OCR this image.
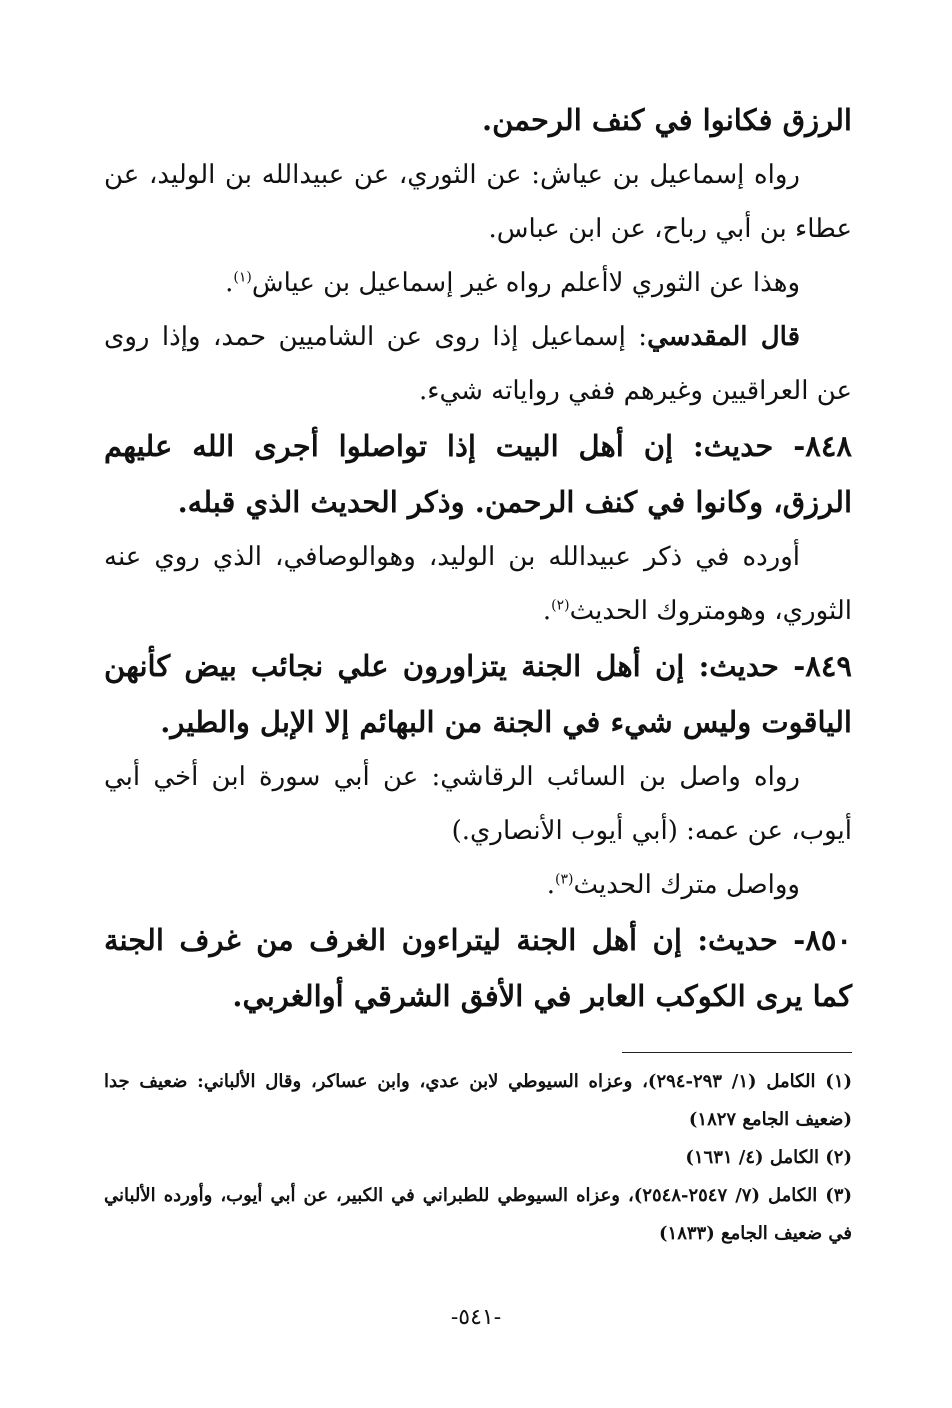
الرزق فكانوا في كنف الرحمن.

رواه إسماعيل بن عياش: عن الثوري، عن عبيدالله بن الوليد، عن عطاء بن أبي رباح، عن ابن عباس.

وهذا عن الثوري لاأعلم رواه غير إسماعيل بن عياش$^{(١)}$.

قال المقدسي: إسماعيل إذا روى عن الشاميين حمد، وإذا روى عن العراقيين وغيرهم ففي رواياته شيء.

٨٤٨- حديث: إن أهل البيت إذا تواصلوا أجرى الله عليهم الرزق، وكانوا في كنف الرحمن. وذكر الحديث الذي قبله.

أورده في ذكر عبيدالله بن الوليد، وهوالوصافي، الذي روي عنه الثوري، وهومتروك الحديث$^{(٢)}$.

٨٤٩- حديث: إن أهل الجنة يتزاورون علي نجائب بيض كأنهن الياقوت وليس شيء في الجنة من البهائم إلا الإبل والطير.

رواه واصل بن السائب الرقاشي: عن أبي سورة ابن أخي أبي أيوب، عن عمه: (أبي أيوب الأنصاري.)

وواصل مترك الحديث$^{(٣)}$.

٨٥٠- حديث: إن أهل الجنة ليتراءون الغرف من غرف الجنة كما يرى الكوكب العابر في الأفق الشرقي أوالغربي.

(١) الكامل (١/ ٢٩٣-٢٩٤)، وعزاه السيوطي لابن عدي، وابن عساكر، وقال الألباني: ضعيف جدا (ضعيف الجامع ١٨٢٧)

(٢) الكامل (٤/ ١٦٣١)

(٣) الكامل (٧/ ٢٥٤٧-٢٥٤٨)، وعزاه السيوطي للطبراني في الكبير، عن أبي أيوب، وأورده الألباني في ضعيف الجامع (١٨٣٣)

-٥٤١-
